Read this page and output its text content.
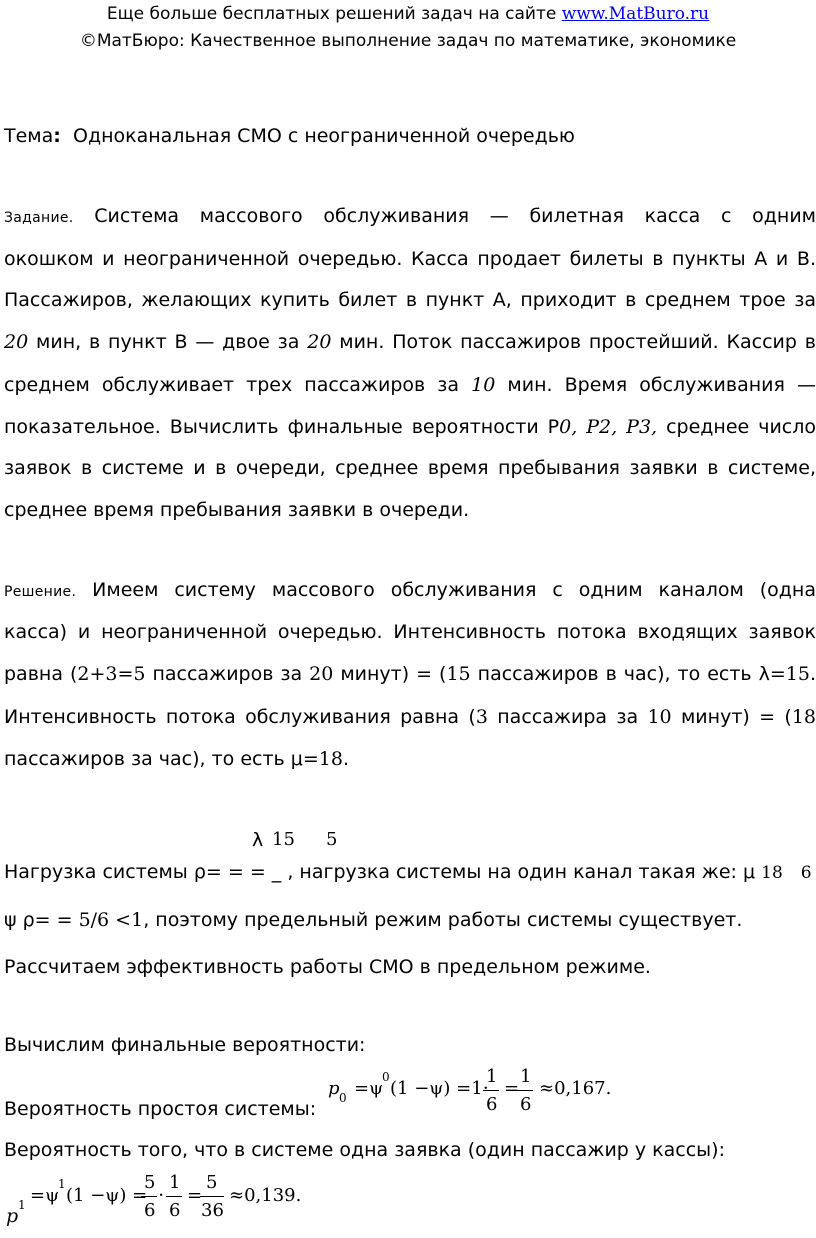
Еще больше бесплатных решений задач на сайте www.MatBuro.ru
©МатБюро: Качественное выполнение задач по математике, экономике
Тема: Одноканальная СМО с неограниченной очередью
Задание. Система массового обслуживания — билетная касса с одним
окошком и неограниченной очередью. Касса продает билеты в пункты А и В.
Пассажиров, желающих купить билет в пункт А, приходит в среднем трое за
20 мин, в пункт В — двое за 20 мин. Поток пассажиров простейший. Кассир в
среднем обслуживает трех пассажиров за 10 мин. Время обслуживания —
показательное. Вычислить финальные вероятности Р0, P2, P3, среднее число
заявок в системе и в очереди, среднее время пребывания заявки в системе,
среднее время пребывания заявки в очереди.
Решение. Имеем систему массового обслуживания с одним каналом (одна
касса) и неограниченной очередью. Интенсивность потока входящих заявок
равна (2+3=5 пассажиров за 20 минут) = (15 пассажиров в час), то есть λ=15.
Интенсивность потока обслуживания равна (3 пассажира за 10 минут) = (18
пассажиров за час), то есть μ=18.
λ 15 5
Нагрузка системы ρ= = = _ , нагрузка системы на один канал такая же: μ 18 6
ψ ρ= = 5/6 <1, поэтому предельный режим работы системы существует.
Рассчитаем эффективность работы СМО в предельном режиме.
Вычислим финальные вероятности:
Вероятность простоя системы:
p 0 =ψ
0
(1 −ψ) =1⋅
1
6
=
1
6
≈0,167.
Вероятность того, что в системе одна заявка (один пассажир у кассы):
p 1 =ψ
1
(1 −ψ) =
5
6
⋅
1
6
=
5
36
≈0,139.
